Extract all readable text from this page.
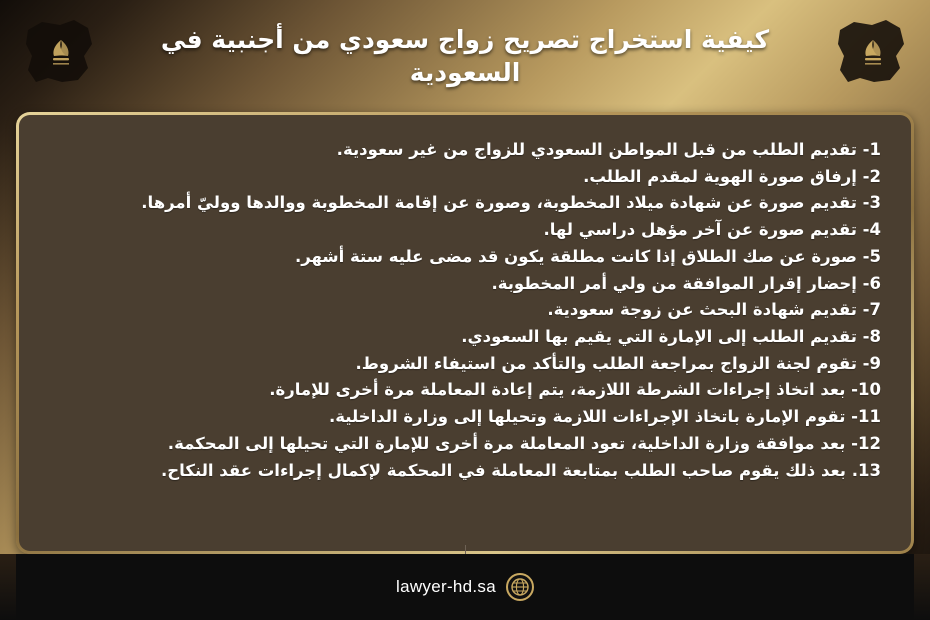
كيفية استخراج تصريح زواج سعودي من أجنبية في السعودية
1- تقديم الطلب من قبل المواطن السعودي للزواج من غير سعودية.
2- إرفاق صورة الهوية لمقدم الطلب.
3- تقديم صورة عن شهادة ميلاد المخطوبة، وصورة عن إقامة المخطوبة ووالدها ووليّ أمرها.
4- تقديم صورة عن آخر مؤهل دراسي لها.
5- صورة عن صك الطلاق إذا كانت مطلقة يكون قد مضى عليه ستة أشهر.
6- إحضار إقرار الموافقة من ولي أمر المخطوبة.
7- تقديم شهادة البحث عن زوجة سعودية.
8- تقديم الطلب إلى الإمارة التي يقيم بها السعودي.
9- تقوم لجنة الزواج بمراجعة الطلب والتأكد من استيفاء الشروط.
10- بعد اتخاذ إجراءات الشرطة اللازمة، يتم إعادة المعاملة مرة أخرى للإمارة.
11- تقوم الإمارة باتخاذ الإجراءات اللازمة وتحيلها إلى وزارة الداخلية.
12- بعد موافقة وزارة الداخلية، تعود المعاملة مرة أخرى للإمارة التي تحيلها إلى المحكمة.
13. بعد ذلك يقوم صاحب الطلب بمتابعة المعاملة في المحكمة لإكمال إجراءات عقد النكاح.
lawyer-hd.sa
